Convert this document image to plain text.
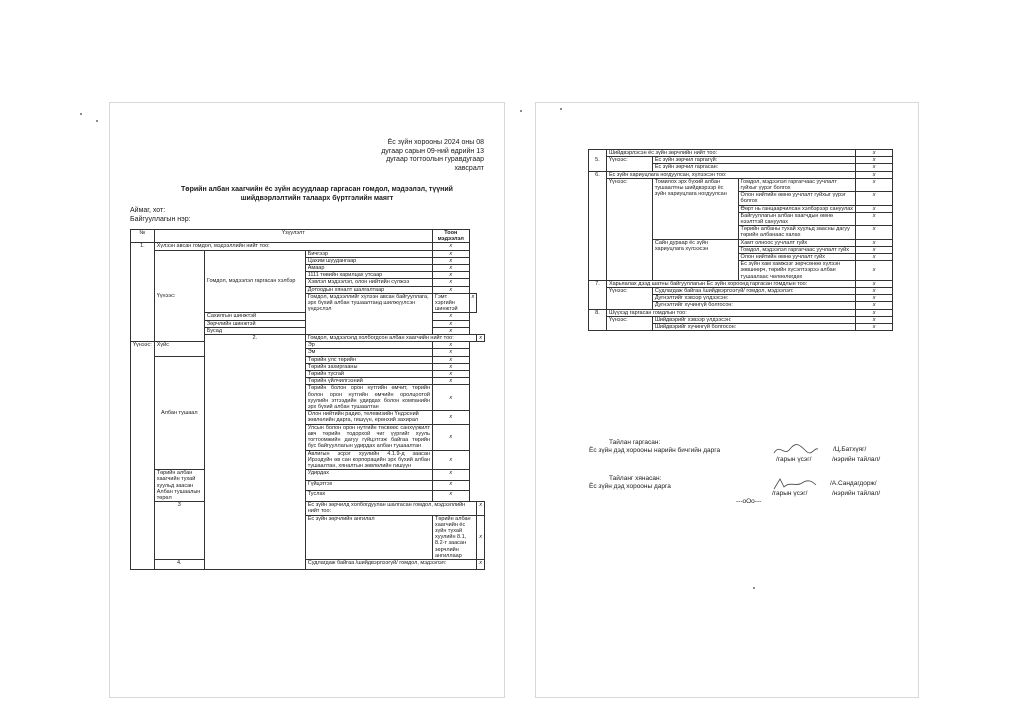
Ёс зүйн хорооны 2024 оны 08
дугаар сарын 09-ний өдрийн 13
дугаар тогтоолын гуравдугаар
хавсралт
Төрийн албан хаагчийн ёс зүйн асуудлаар гаргасан гомдол, мэдээлэл, түүний
шийдвэрлэлтийн талаарх бүртгэлийн маягт
Аймаг, хот:
Байгууллагын нэр:
№	Үзүүлэлт			Тоон мэдээлэл		
1.	Хүлээн авсан гомдол, мэдээллийн нийт тоо:			x		
	Үүнээс:	Гомдол, мэдээлэл гаргасан хэлбэр	Бичгээр	x		
			Цахим шуудангаар	x		
			Амаар	x		
			1111 төвийн харилцах утсаар	x		
			Хэвлэл мэдээлэл, олон нийтийн сүлжээ	x		
			Дотоодын хяналт шалгалтаар	x		
			Гомдол, мэдээллийг хүлээн авсан байгууллага, эрх бүхий албан тушаалтанд шилжүүлсэн үндэслэл	Гэмт хэргийн шинжтэй	x	
		Сахилгын шинжтэй		x		
		Зөрчлийн шинжтэй		x		
		Бусад		x		
		2.	Гомдол, мэдээлэлд холбогдсон албан хаагчийн нийт тоо:			x
Үүнээс:	Хүйс		Эр	x		
			Эм	x		
	Албан тушаал		Төрийн улс төрийн	x		
			Төрийн захиргааны	x		
			Төрийн тусгай	x		
			Төрийн үйлчилгээний	x		
			Төрийн болон орон нутгийн өмчит, төрийн болон орон нутгийн өмчийн оролцоотой хуулийн этгээдийн удирдах болон компанийн эрх бүхий албан тушаалтан	x		
			Олон нийтийн радио, телевизийн Үндэсний зөвлөлийн дарга, гишүүн, ерөнхий захирал	x		
			Улсын болон орон нутгийн төсвөөс санхүүжилт авч төрийн тодорхой чиг үүргийг хууль тогтоомжийн дагуу гүйцэтгэж байгаа төрийн бус байгууллагын удирдах албан тушаалтан	x		
			Авлигын эсрэг хуулийн 4.1.9-д заасан Ирээдүйн өв сан корпорацийн эрх бүхий албан тушаалтан, хяналтын зөвлөлийн гишүүн	x		
	Төрийн албан хаагчийн тухай хуульд заасан Албан тушаалын төрөл		Удирдах	x		
			Гүйцэтгэх	x		
			Туслах	x		
	3		Ёс зүйн зөрчилд холбогдуулан шалгасан гомдол, мэдээллийн нийт тоо:			x
			Ёс зүйн зөрчлийн ангилал	Төрийн албан хаагчийн ёс зүйн тухай хуулийн 8.1, 8.2-т заасан зөрчлийн ангиллаар		x
	4.		Судлагдаж байгаа /шийдвэрлээгүй/ гомдол, мэдээлэл:			x
5.	Шийдвэрлэсэн ёс зүйн зөрчлийн нийт тоо:			x
	Үүнээс:	Ёс зүйн зөрчил гаргагүй:		x
		Ёс зүйн зөрчил гаргасан:		x
6.	Ёс зүйн хариуцлага ногдуулсан, хүлээсэн тоо:			x
	Үүнээс:	Томилох эрх бүхий албан тушаалтны шийдвэрээр ёс зүйн хариуцлага ногдуулсан	Гомдол, мэдээлэл гаргагчаас уучлалт гуйхыг үүрэг болгох	x
			Олон нийтийн өмнө уучлалт гуйхыг үүрэг болгох	x
			Өөрт нь ганцаарчилсан хэлбэрээр сануулах	x
			Байгууллагын албан хаагчдын өмнө нээлттэй сануулах	x
			Төрийн албаны тухай хуульд заасны дагуу төрийн албанаас халах	x
		Сайн дураар ёс зүйн хариуцлага хүлээсэн	Хамт олноос уучлалт гуйх	x
			Гомдол, мэдээлэл гаргагчаас уучлалт гуйх	x
			Олон нийтийн өмнө уучлалт гуйх	x
			Ёс зүйн хам хамжээг зөрчсөнөө хүлээн зөвшөөрч, төрийн хүсэлтээрээ албан тушаалаас чөлөөлөгдөх	x
7.	Харьяалах дээд шатны байгууллагын Ёс зүйн хороонд гаргасан гомдлын тоо:			x
	Үүнээс:	Судлагдаж байгаа /шийдвэрлээгүй/ гомдол, мэдээлэл:		x
		Дүгнэлтийг хэвээр үлдээсэн:		x
		Дүгнэлтийг хүчингүй болгосон:		x
8.	Шүүхэд гаргасан гомдлын тоо:			x
	Үүнээс:	Шийдвэрийг хэвээр үлдээсэн:		x
		Шийдвэрийг хүчингүй болгосон:		x
Тайлан гаргасан:
Ёс зүйн дэд хорооны нарийн бичгийн дарга	/Ц.Батхүяг/
/гарын үсэг/	/нэрийн тайлал/
Тайланг хянасан:
Ёс зүйн дэд хорооны дарга	/А.Сандагдорж/
/гарын үсэг/	/нэрийн тайлал/
---oOo---
